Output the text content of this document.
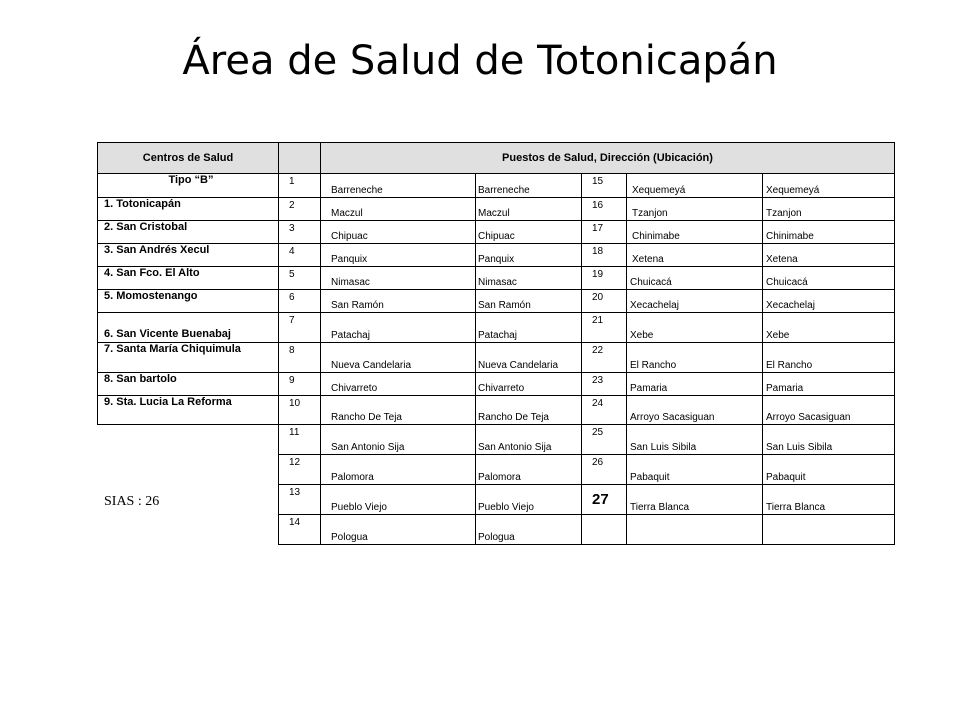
Área de Salud de Totonicapán
Centros de Salud		Puestos de Salud, Dirección (Ubicación)				
Tipo “B”	1	Barreneche	Barreneche	15	Xequemeyá	Xequemeyá
1. Totonicapán	2	Maczul	Maczul	16	Tzanjon	Tzanjon
2. San Cristobal	3	Chipuac	Chipuac	17	Chinimabe	Chinimabe
3. San Andrés Xecul	4	Panquix	Panquix	18	Xetena	Xetena
4. San Fco. El Alto	5	Nimasac	Nimasac	19	Chuicacá	Chuicacá
5. Momostenango	6	San Ramón	San Ramón	20	Xecachelaj	Xecachelaj
6. San Vicente Buenabaj	7	Patachaj	Patachaj	21	Xebe	Xebe
7. Santa María Chiquimula	8	Nueva Candelaria	Nueva Candelaria	22	El Rancho	El Rancho
8. San bartolo	9	Chivarreto	Chivarreto	23	Pamaria	Pamaria
9. Sta. Lucia La Reforma	10	Rancho De Teja	Rancho De Teja	24	Arroyo Sacasiguan	Arroyo Sacasiguan
	11	San Antonio Sija	San Antonio Sija	25	San Luis Sibila	San Luis Sibila
	12	Palomora	Palomora	26	Pabaquit	Pabaquit
	13	Pueblo Viejo	Pueblo Viejo	27	Tierra Blanca	Tierra Blanca
	14	Pologua	Pologua			
SIAS : 26
